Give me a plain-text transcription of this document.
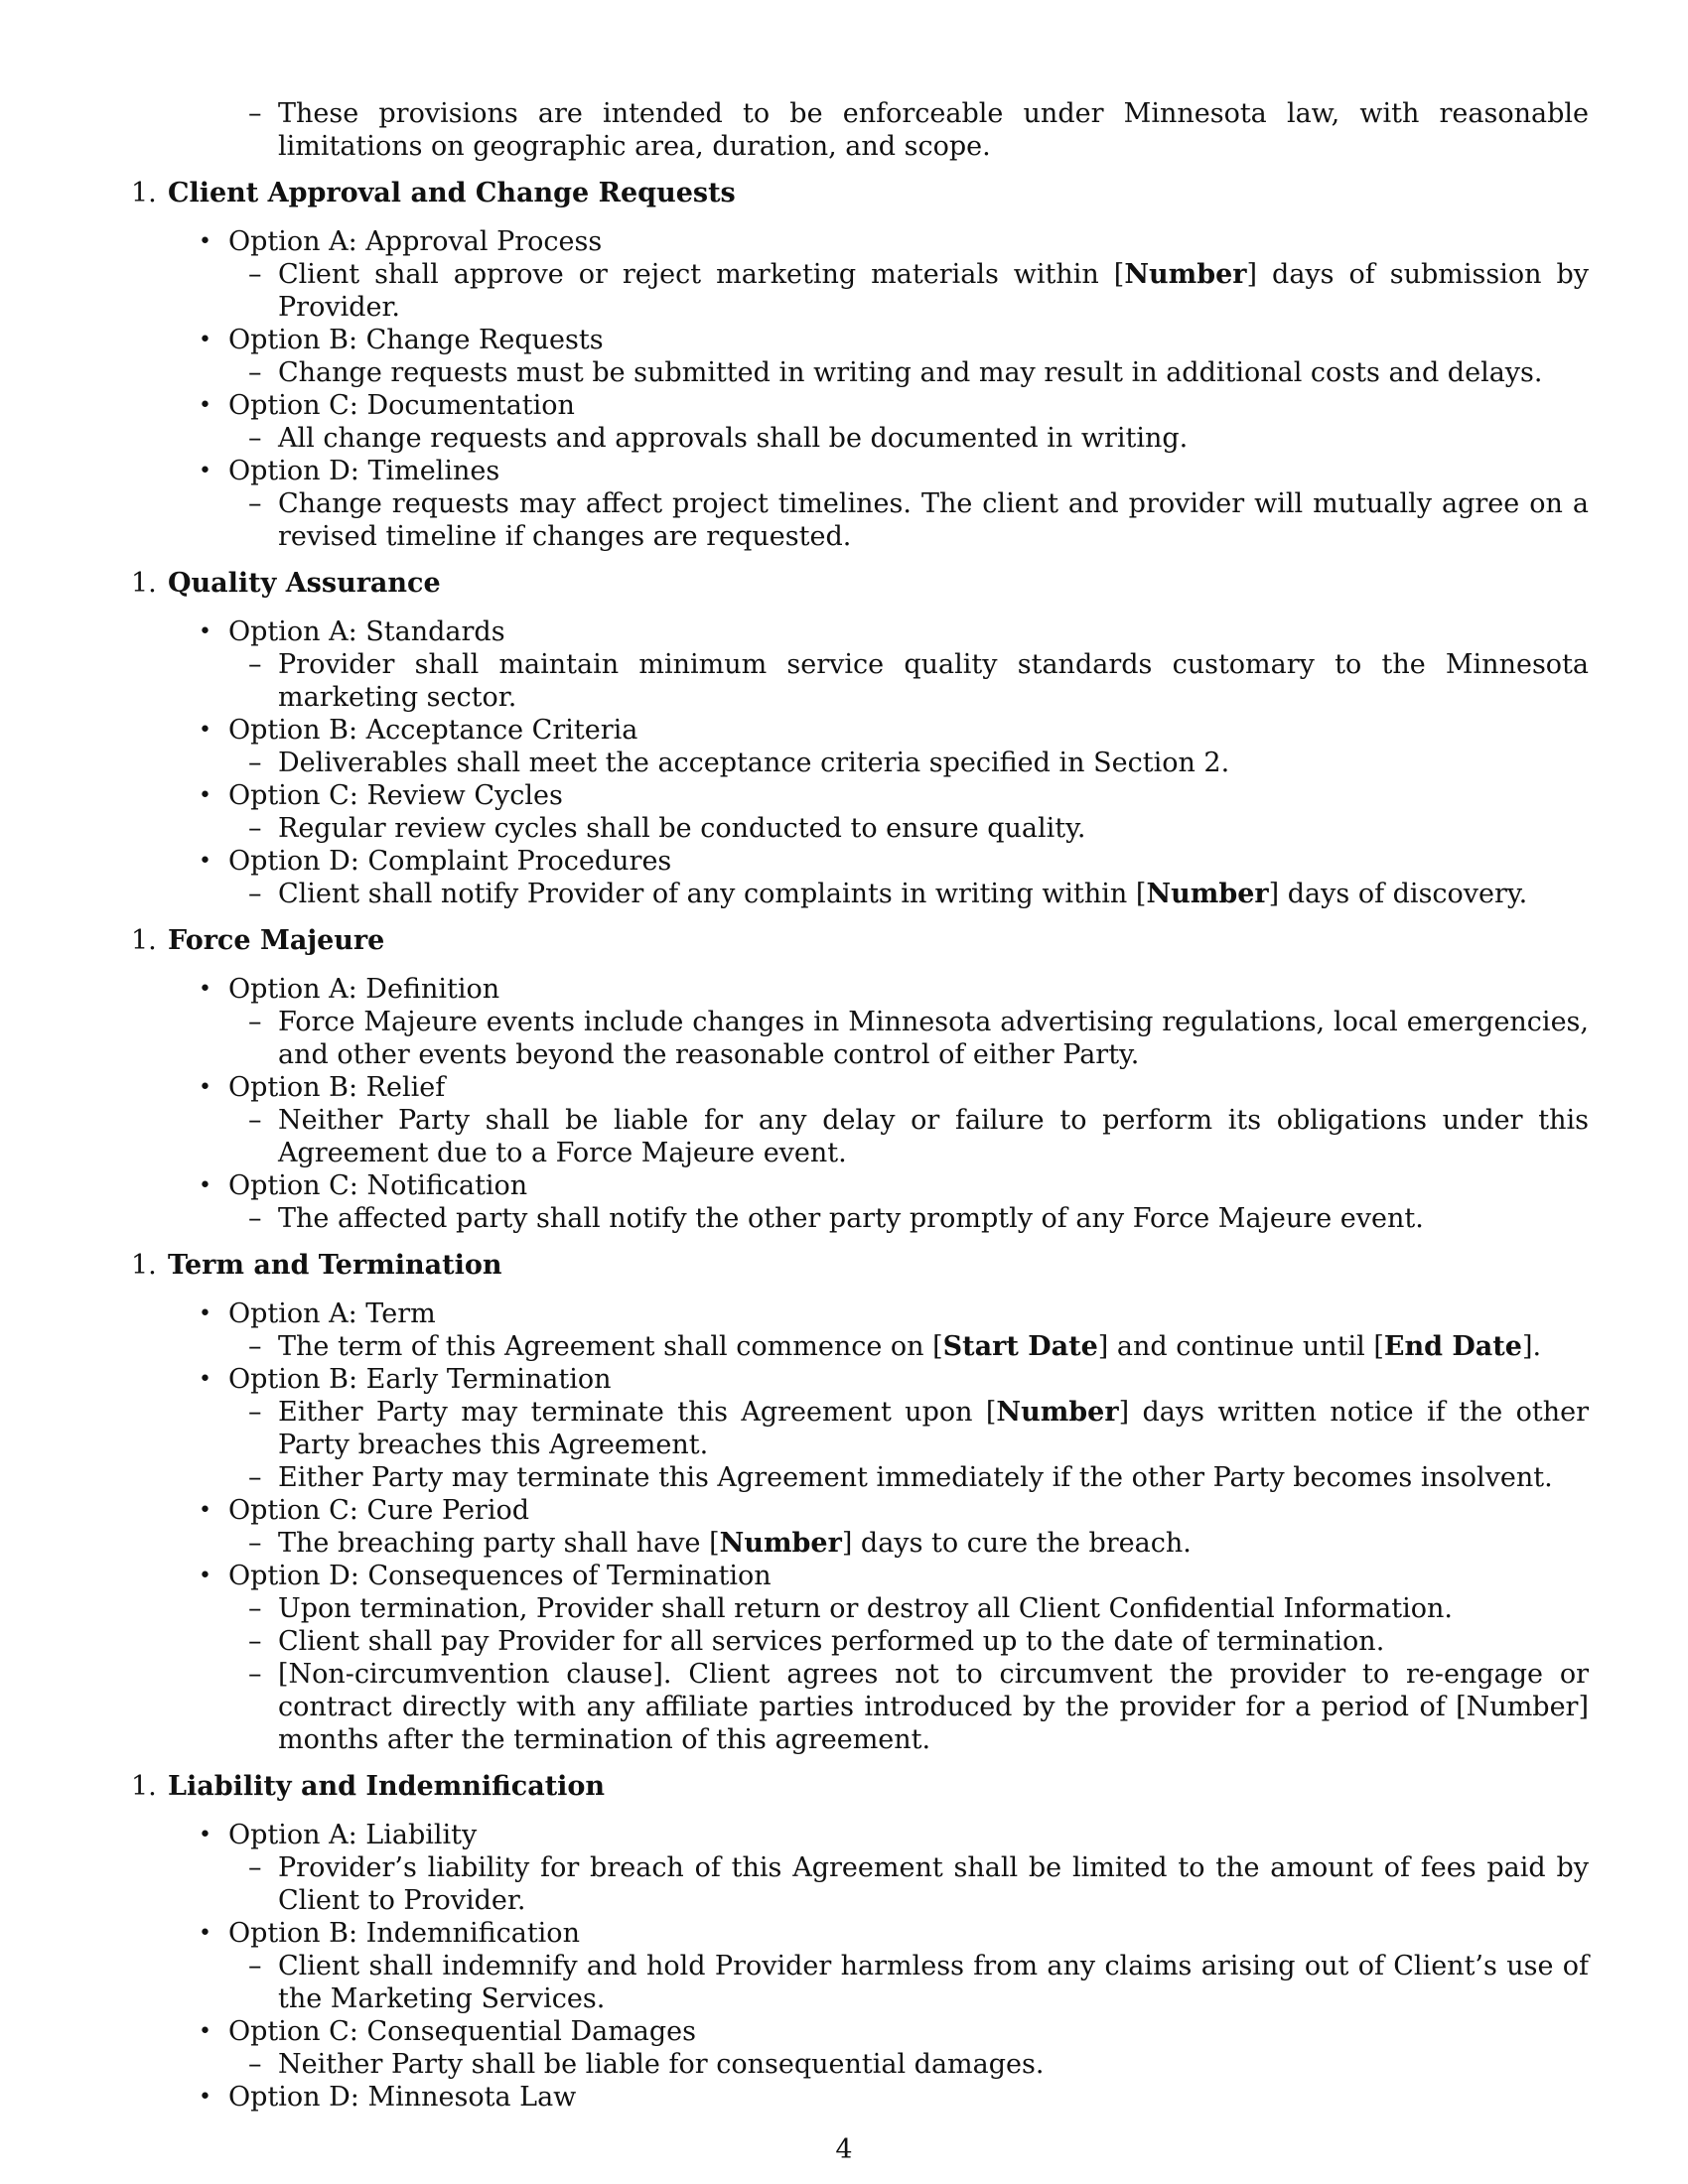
– These provisions are intended to be enforceable under Minnesota law, with reasonable limitations on geographic area, duration, and scope.

1. Client Approval and Change Requests
• Option A: Approval Process

– Client shall approve or reject marketing materials within [Number] days of submission by Provider.

• Option B: Change Requests

– Change requests must be submitted in writing and may result in additional costs and delays.

• Option C: Documentation

– All change requests and approvals shall be documented in writing.

• Option D: Timelines

– Change requests may affect project timelines. The client and provider will mutually agree on a revised timeline if changes are requested.

1. Quality Assurance
• Option A: Standards

– Provider shall maintain minimum service quality standards customary to the Minnesota marketing sector.

• Option B: Acceptance Criteria

– Deliverables shall meet the acceptance criteria specified in Section 2.

• Option C: Review Cycles

– Regular review cycles shall be conducted to ensure quality.

• Option D: Complaint Procedures

– Client shall notify Provider of any complaints in writing within [Number] days of discovery.

1. Force Majeure
• Option A: Definition

– Force Majeure events include changes in Minnesota advertising regulations, local emergencies, and other events beyond the reasonable control of either Party.

• Option B: Relief

– Neither Party shall be liable for any delay or failure to perform its obligations under this Agreement due to a Force Majeure event.

• Option C: Notification

– The affected party shall notify the other party promptly of any Force Majeure event.

1. Term and Termination
• Option A: Term

– The term of this Agreement shall commence on [Start Date] and continue until [End Date].

• Option B: Early Termination

– Either Party may terminate this Agreement upon [Number] days written notice if the other Party breaches this Agreement.

– Either Party may terminate this Agreement immediately if the other Party becomes insolvent.

• Option C: Cure Period

– The breaching party shall have [Number] days to cure the breach.

• Option D: Consequences of Termination

– Upon termination, Provider shall return or destroy all Client Confidential Information.

– Client shall pay Provider for all services performed up to the date of termination.

– [Non-circumvention clause]. Client agrees not to circumvent the provider to re-engage or contract directly with any affiliate parties introduced by the provider for a period of [Number] months after the termination of this agreement.

1. Liability and Indemnification
• Option A: Liability

– Provider’s liability for breach of this Agreement shall be limited to the amount of fees paid by Client to Provider.

• Option B: Indemnification

– Client shall indemnify and hold Provider harmless from any claims arising out of Client’s use of the Marketing Services.

• Option C: Consequential Damages

– Neither Party shall be liable for consequential damages.

• Option D: Minnesota Law
4
